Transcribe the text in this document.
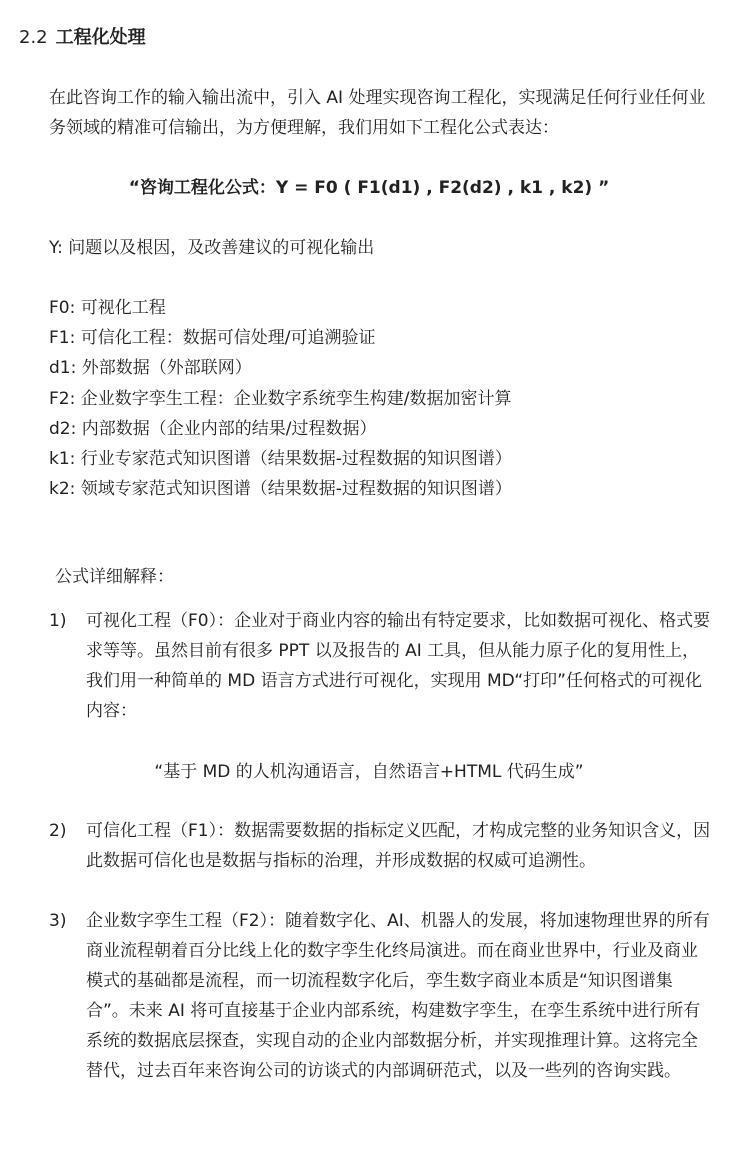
2.2 工程化处理

在此咨询工作的输入输出流中，引入 AI 处理实现咨询工程化，实现满足任何行业任何业务领域的精准可信输出，为方便理解，我们用如下工程化公式表达：

“咨询工程化公式：Y = F0 ( F1(d1) , F2(d2) , k1 , k2) ”
Y: 问题以及根因，及改善建议的可视化输出
F0: 可视化工程
F1: 可信化工程：数据可信处理/可追溯验证
d1: 外部数据（外部联网）
F2: 企业数字孪生工程：企业数字系统孪生构建/数据加密计算
d2: 内部数据（企业内部的结果/过程数据）
k1: 行业专家范式知识图谱（结果数据-过程数据的知识图谱）
k2: 领域专家范式知识图谱（结果数据-过程数据的知识图谱）
公式详细解释：
1) 可视化工程（F0）：企业对于商业内容的输出有特定要求，比如数据可视化、格式要求等等。虽然目前有很多 PPT 以及报告的 AI 工具，但从能力原子化的复用性上，我们用一种简单的 MD 语言方式进行可视化，实现用 MD“打印”任何格式的可视化内容：
“基于 MD 的人机沟通语言，自然语言+HTML 代码生成”
2) 可信化工程（F1）：数据需要数据的指标定义匹配，才构成完整的业务知识含义，因此数据可信化也是数据与指标的治理，并形成数据的权威可追溯性。
3) 企业数字孪生工程（F2）：随着数字化、AI、机器人的发展，将加速物理世界的所有商业流程朝着百分比线上化的数字孪生化终局演进。而在商业世界中，行业及商业模式的基础都是流程，而一切流程数字化后，孪生数字商业本质是“知识图谱集合”。未来 AI 将可直接基于企业内部系统，构建数字孪生，在孪生系统中进行所有系统的数据底层探查，实现自动的企业内部数据分析，并实现推理计算。这将完全替代，过去百年来咨询公司的访谈式的内部调研范式，以及一些列的咨询实践。
